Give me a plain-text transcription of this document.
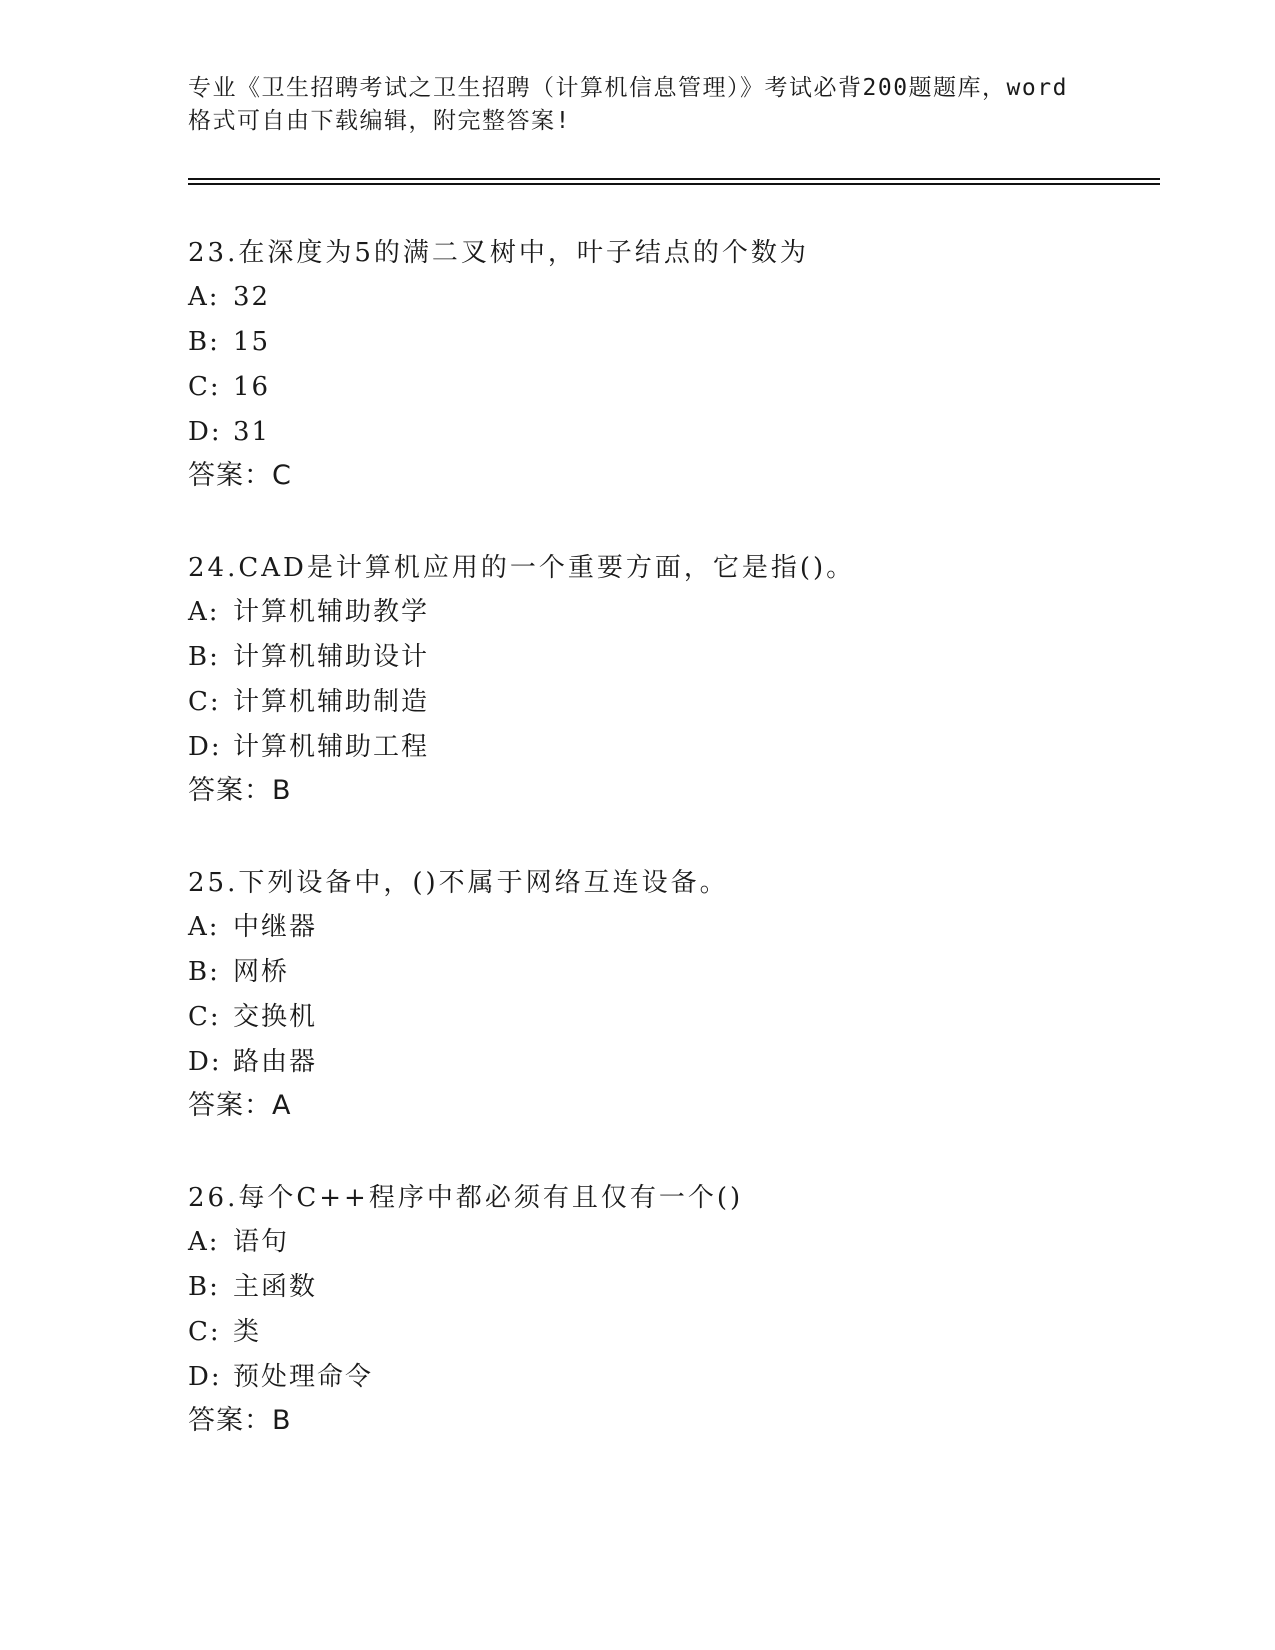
专业《卫生招聘考试之卫生招聘（计算机信息管理）》考试必背200题题库，word
格式可自由下载编辑，附完整答案!
23.在深度为5的满二叉树中，叶子结点的个数为
A: 32
B: 15
C: 16
D: 31
答案：C
24.CAD是计算机应用的一个重要方面，它是指()。
A: 计算机辅助教学
B: 计算机辅助设计
C: 计算机辅助制造
D: 计算机辅助工程
答案：B
25.下列设备中，()不属于网络互连设备。
A: 中继器
B: 网桥
C: 交换机
D: 路由器
答案：A
26.每个C++程序中都必须有且仅有一个()
A: 语句
B: 主函数
C: 类
D: 预处理命令
答案：B
